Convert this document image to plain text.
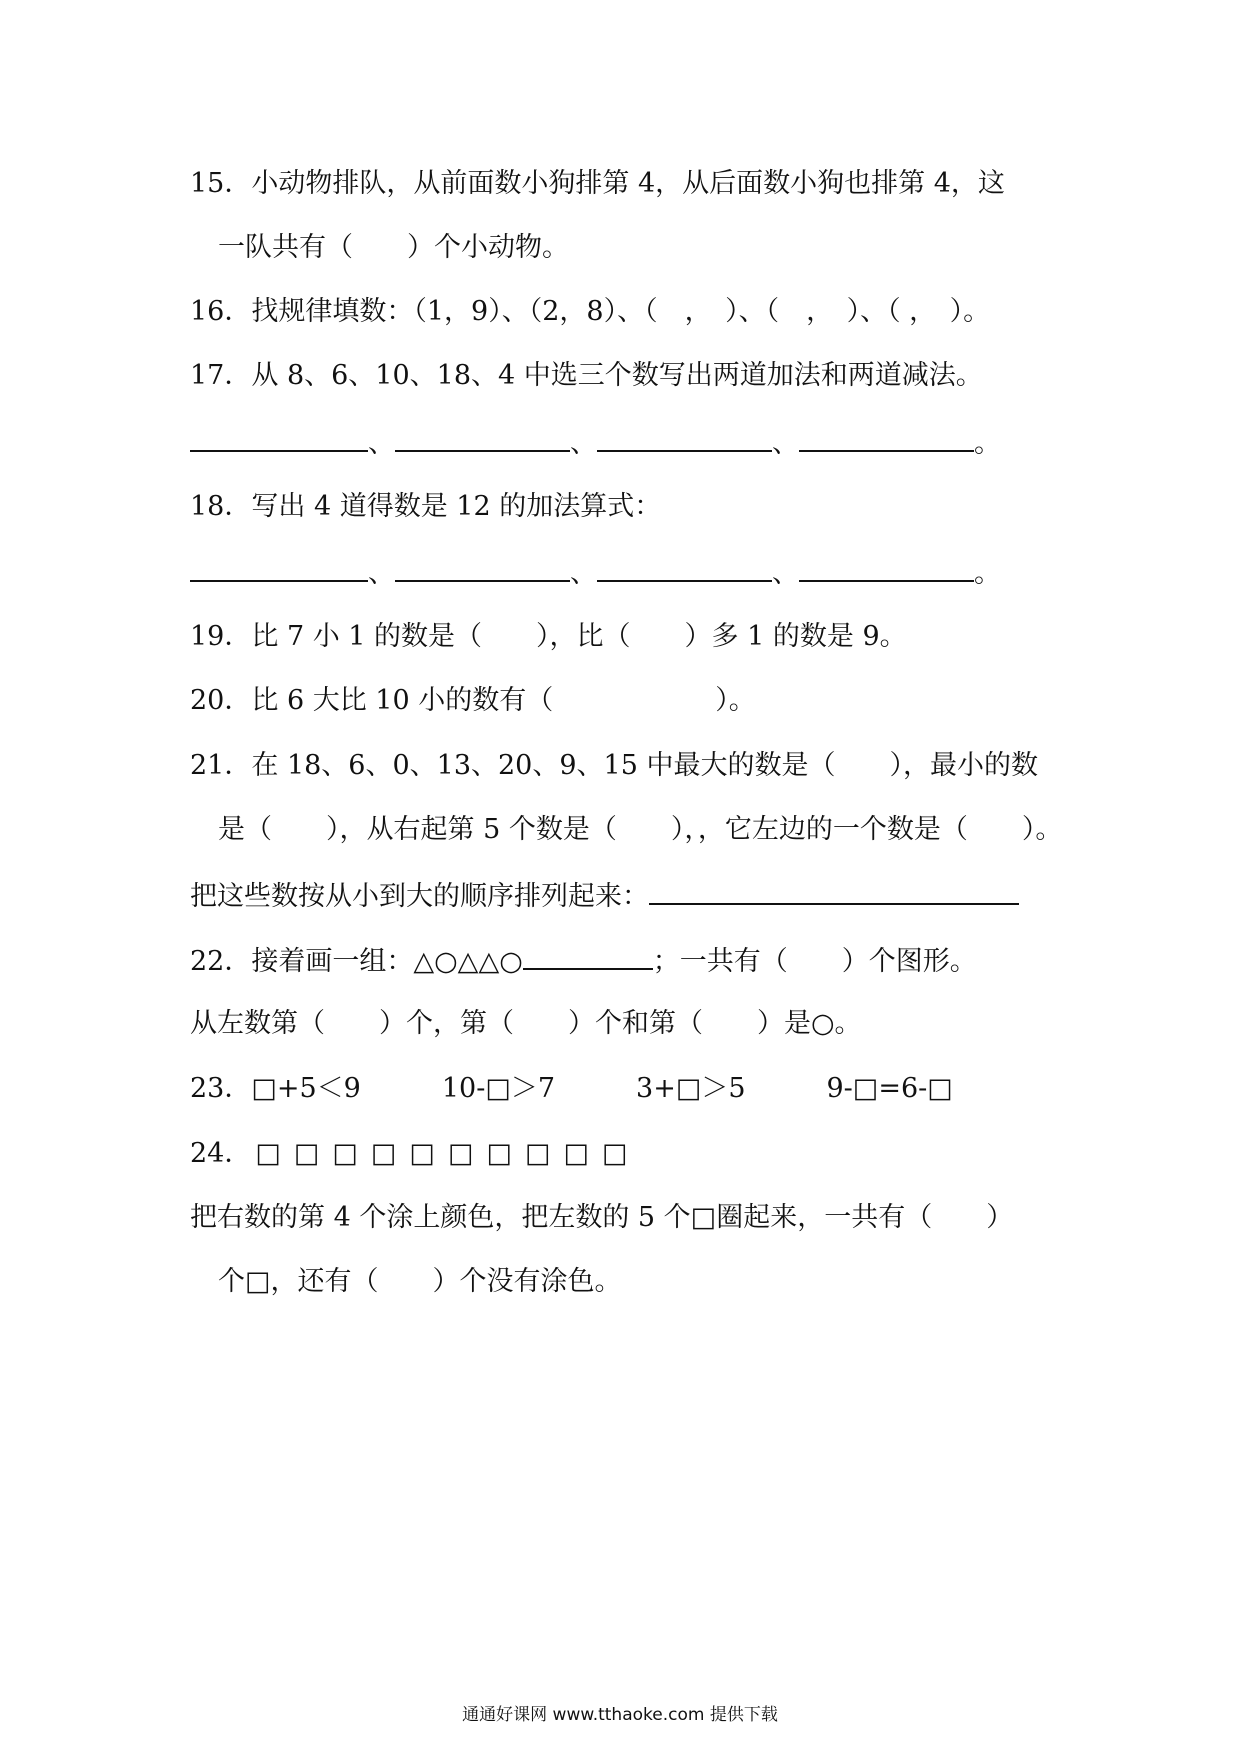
15．小动物排队，从前面数小狗排第 4，从后面数小狗也排第 4，这
一队共有（　　）个小动物。
16．找规律填数：（1，9）、（2，8）、（　，　）、（　，　）、（ ，　）。
17．从 8、6、10、18、4 中选三个数写出两道加法和两道减法。
、	、	、	。
18．写出 4 道得数是 12 的加法算式：
、	、	、	。
19．比 7 小 1 的数是（　　），比（　　）多 1 的数是 9。
20．比 6 大比 10 小的数有（　　　　　　）。
21．在 18、6、0、13、20、9、15 中最大的数是（　　），最小的数
是（　　），从右起第 5 个数是（　　），，它左边的一个数是（　　）。
把这些数按从小到大的顺序排列起来：
22．接着画一组：△○△△○	；一共有（　　）个图形。
从左数第（　　）个，第（　　）个和第（　　）是○。
23．□+5＜9　　　10-□＞7　　　3+□＞5　　　9-□=6-□
24． □ □ □ □ □ □ □ □ □ □
把右数的第 4 个涂上颜色，把左数的 5 个□圈起来，一共有（　　）
个□，还有（　　）个没有涂色。
通通好课网 www.tthaoke.com 提供下载
